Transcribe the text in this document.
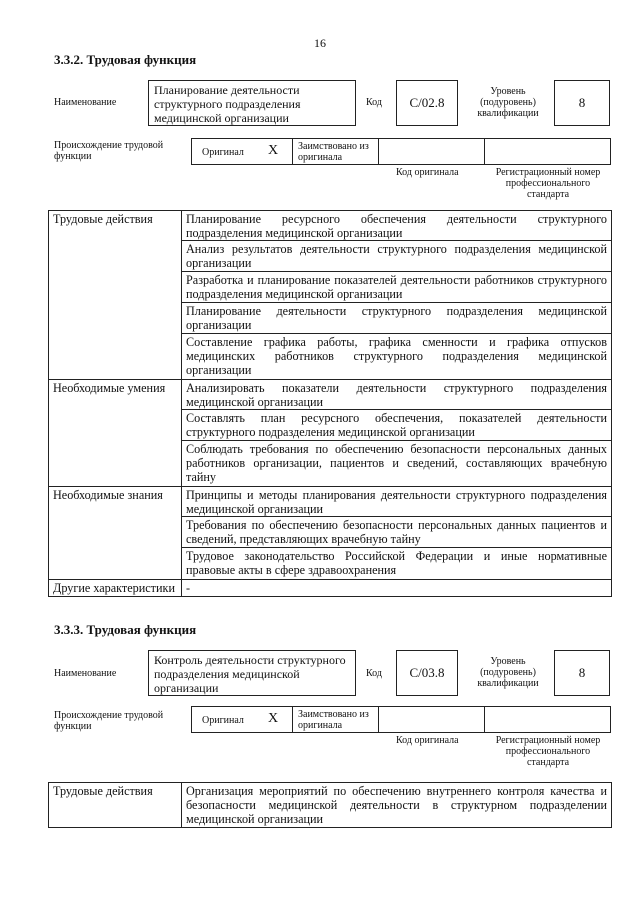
16
3.3.2. Трудовая функция
Наименование
Планирование деятельности структурного подразделения медицинской организации
Код	C/02.8
Уровень (подуровень) квалификации
8
Происхождение трудовой функции	Оригинал X Заимствовано из оригинала
Код оригинала	Регистрационный номер профессионального стандарта
Трудовые действия	Планирование ресурсного обеспечения деятельности структурного подразделения медицинской организации
Анализ результатов деятельности структурного подразделения медицинской организации
Разработка и планирование показателей деятельности работников структурного подразделения медицинской организации
Планирование деятельности структурного подразделения медицинской организации
Составление графика работы, графика сменности и графика отпусков медицинских работников структурного подразделения медицинской организации

Необходимые умения	Анализировать показатели деятельности структурного подразделения медицинской организации
Составлять план ресурсного обеспечения, показателей деятельности структурного подразделения медицинской организации
Соблюдать требования по обеспечению безопасности персональных данных работников организации, пациентов и сведений, составляющих врачебную тайну

Необходимые знания	Принципы и методы планирования деятельности структурного подразделения медицинской организации
Требования по обеспечению безопасности персональных данных пациентов и сведений, представляющих врачебную тайну
Трудовое законодательство Российской Федерации и иные нормативные правовые акты в сфере здравоохранения

Другие характеристики	-
3.3.3. Трудовая функция
Наименование
Контроль деятельности структурного подразделения медицинской организации
Код	C/03.8
Уровень (подуровень) квалификации
8
Происхождение трудовой функции
Оригинал X Заимствовано из оригинала
Код оригинала	Регистрационный номер профессионального стандарта
Трудовые действия	Организация мероприятий по обеспечению внутреннего контроля качества и безопасности медицинской деятельности в структурном подразделении медицинской организации
